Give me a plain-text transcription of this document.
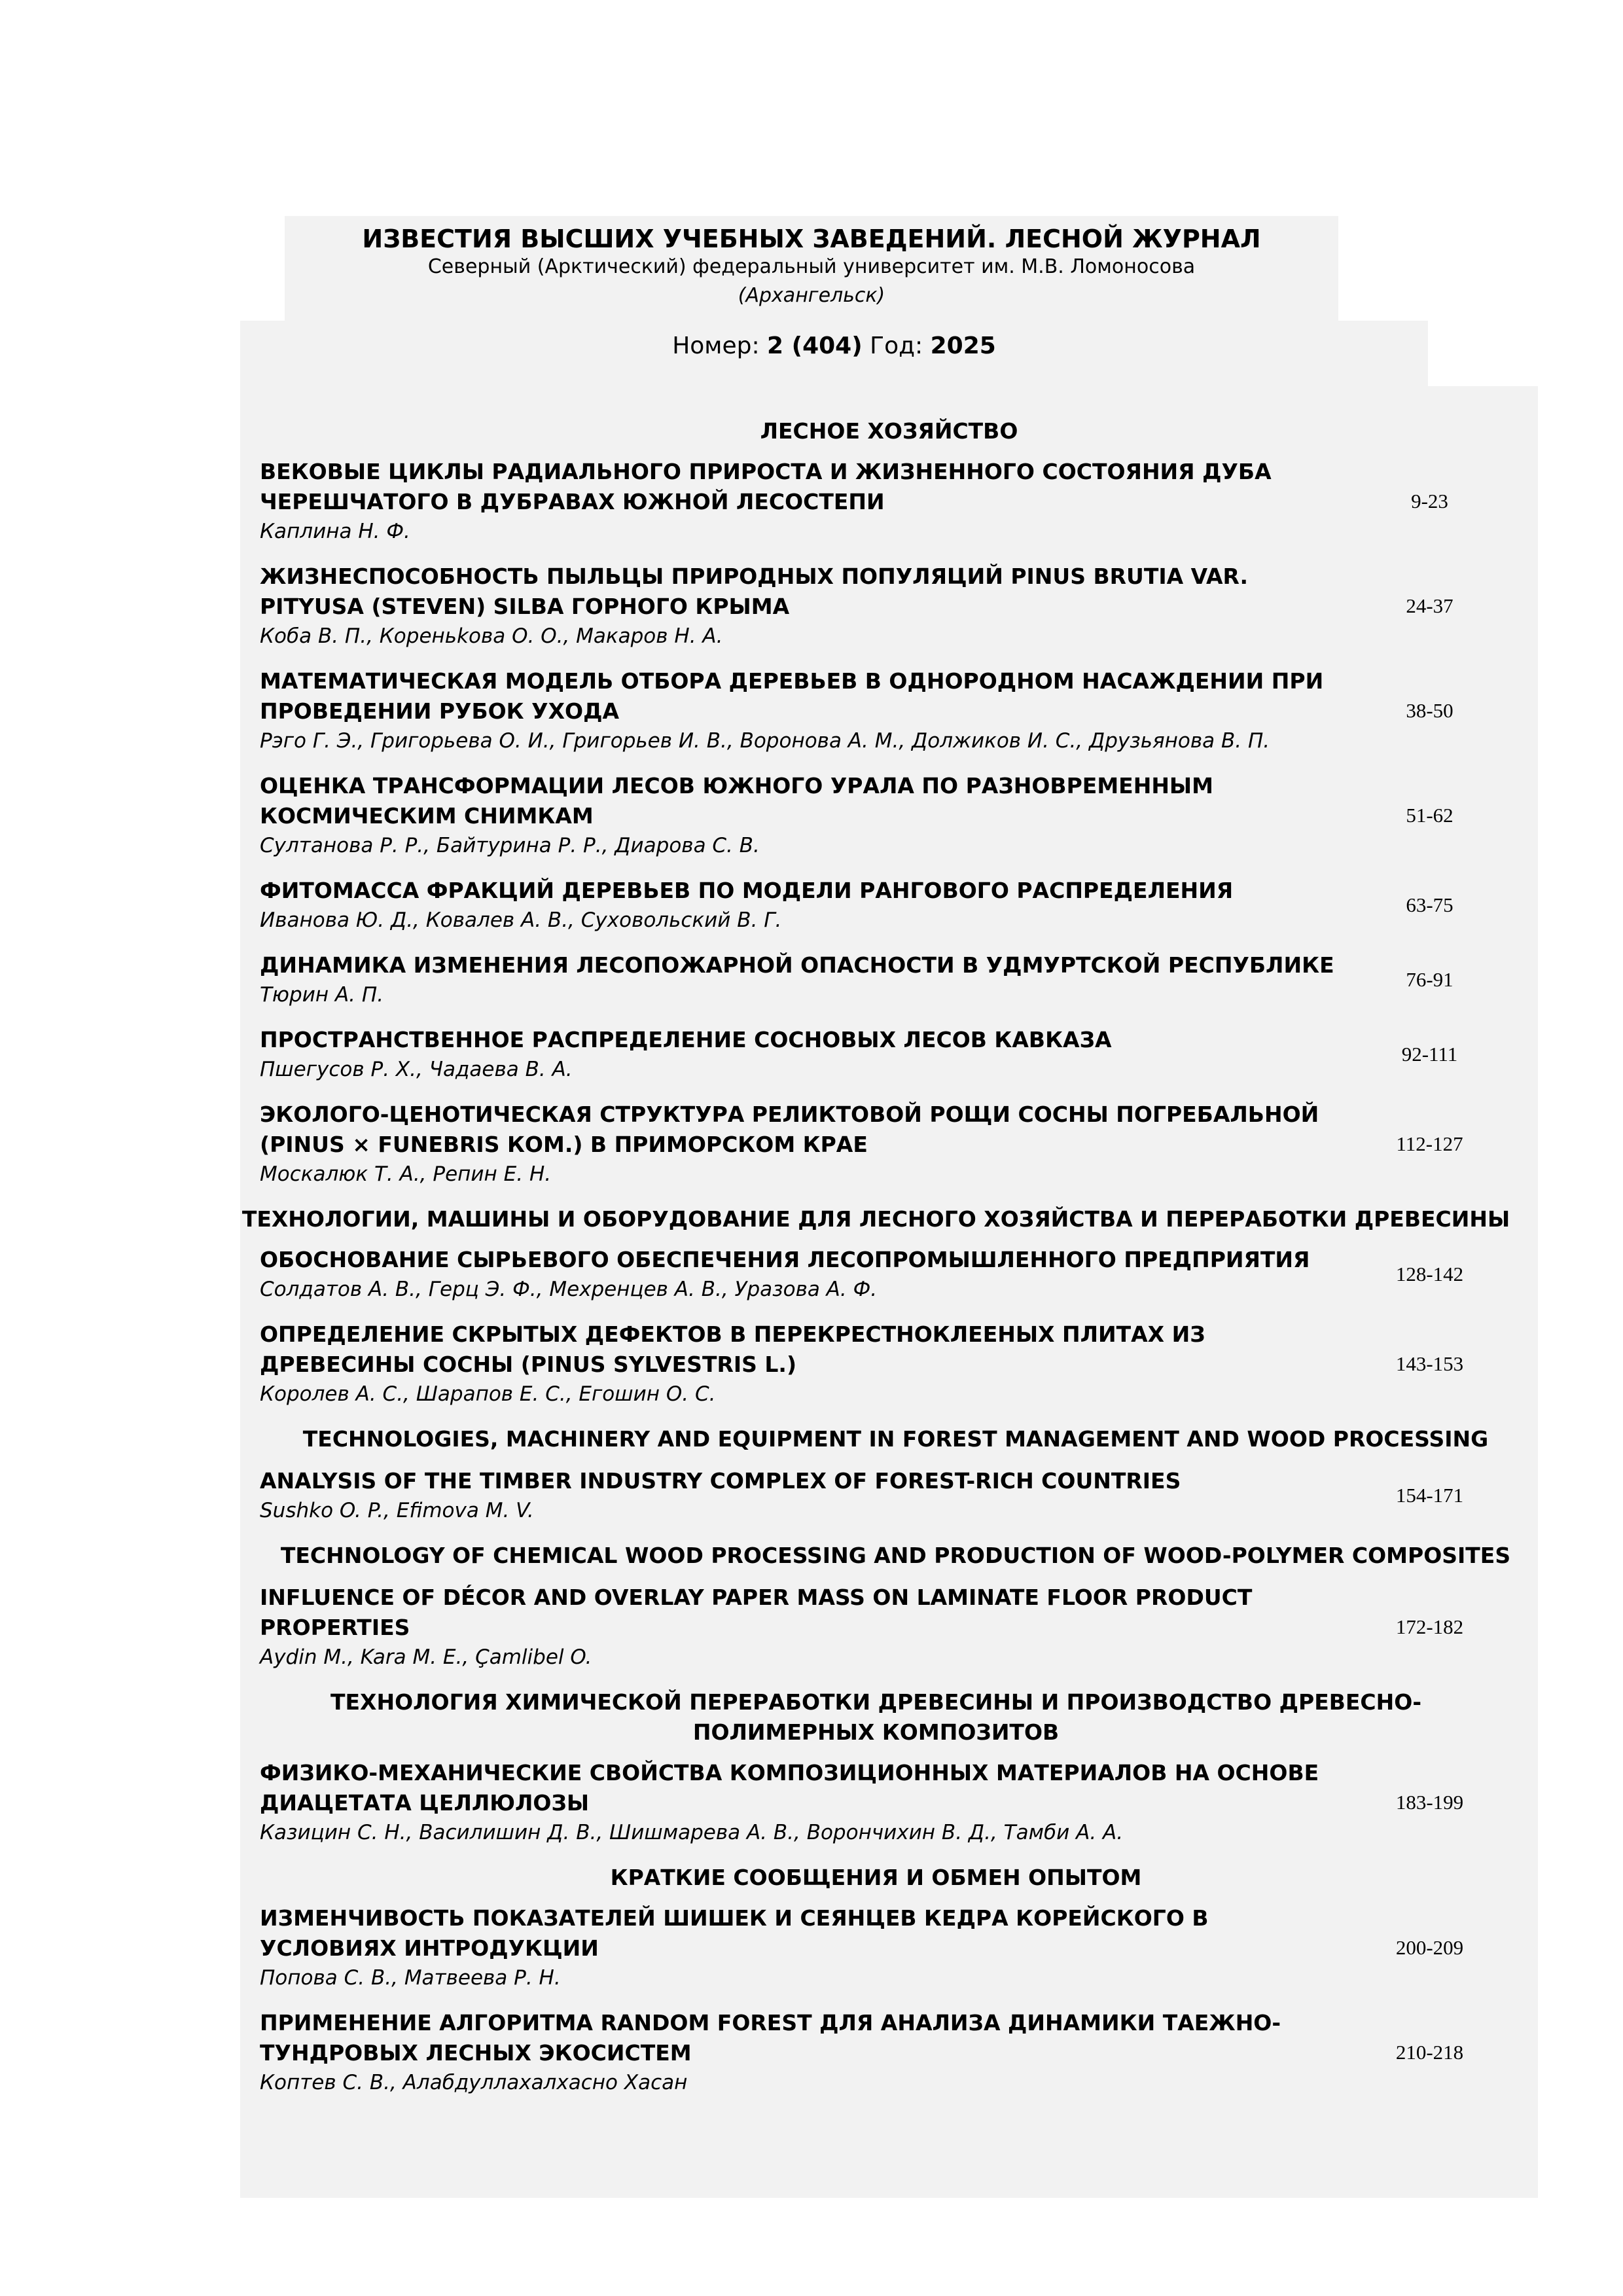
ИЗВЕСТИЯ ВЫСШИХ УЧЕБНЫХ ЗАВЕДЕНИЙ. ЛЕСНОЙ ЖУРНАЛ
Северный (Арктический) федеральный университет им. М.В. Ломоносова
(Архангельск)
Номер: 2 (404) Год: 2025
ЛЕСНОЕ ХОЗЯЙСТВО
ВЕКОВЫЕ ЦИКЛЫ РАДИАЛЬНОГО ПРИРОСТА И ЖИЗНЕННОГО СОСТОЯНИЯ ДУБА ЧЕРЕШЧАТОГО В ДУБРАВАХ ЮЖНОЙ ЛЕСОСТЕПИ
Каплина Н. Ф.
9-23
ЖИЗНЕСПОСОБНОСТЬ ПЫЛЬЦЫ ПРИРОДНЫХ ПОПУЛЯЦИЙ PINUS BRUTIA VAR. PITYUSA (STEVEN) SILBA ГОРНОГО КРЫМА
Коба В. П., Кореньkова О. О., Макаров Н. А.
24-37
МАТЕМАТИЧЕСКАЯ МОДЕЛЬ ОТБОРА ДЕРЕВЬЕВ В ОДНОРОДНОМ НАСАЖДЕНИИ ПРИ ПРОВЕДЕНИИ РУБОК УХОДА
Рэго Г. Э., Григорьева О. И., Григорьев И. В., Воронова А. М., Должиков И. С., Друзьянова В. П.
38-50
ОЦЕНКА ТРАНСФОРМАЦИИ ЛЕСОВ ЮЖНОГО УРАЛА ПО РАЗНОВРЕМЕННЫМ КОСМИЧЕСКИМ СНИМКАМ
Султанова Р. Р., Байтурина Р. Р., Диарова С. В.
51-62
ФИТОМАССА ФРАКЦИЙ ДЕРЕВЬЕВ ПО МОДЕЛИ РАНГОВОГО РАСПРЕДЕЛЕНИЯ
Иванова Ю. Д., Ковалев А. В., Суховольский В. Г.
63-75
ДИНАМИКА ИЗМЕНЕНИЯ ЛЕСОПОЖАРНОЙ ОПАСНОСТИ В УДМУРТСКОЙ РЕСПУБЛИКЕ
Тюрин А. П.
76-91
ПРОСТРАНСТВЕННОЕ РАСПРЕДЕЛЕНИЕ СОСНОВЫХ ЛЕСОВ КАВКАЗА
Пшегусов Р. Х., Чадаева В. А.
92-111
ЭКОЛОГО-ЦЕНОТИЧЕСКАЯ СТРУКТУРА РЕЛИКТОВОЙ РОЩИ СОСНЫ ПОГРЕБАЛЬНОЙ (PINUS × FUNEBRIS КОМ.) В ПРИМОРСКОМ КРАЕ
Москалюк Т. А., Репин Е. Н.
112-127
ТЕХНОЛОГИИ, МАШИНЫ И ОБОРУДОВАНИЕ ДЛЯ ЛЕСНОГО ХОЗЯЙСТВА И ПЕРЕРАБОТКИ ДРЕВЕСИНЫ
ОБОСНОВАНИЕ СЫРЬЕВОГО ОБЕСПЕЧЕНИЯ ЛЕСОПРОМЫШЛЕННОГО ПРЕДПРИЯТИЯ
Солдатов А. В., Герц Э. Ф., Мехренцев А. В., Уразова А. Ф.
128-142
ОПРЕДЕЛЕНИЕ СКРЫТЫХ ДЕФЕКТОВ В ПЕРЕКРЕСТНОКЛЕЕНЫХ ПЛИТАХ ИЗ ДРЕВЕСИНЫ СОСНЫ (PINUS SYLVESTRIS L.)
Королев А. С., Шарапов Е. С., Егошин О. С.
143-153
TECHNOLOGIES, MACHINERY AND EQUIPMENT IN FOREST MANAGEMENT AND WOOD PROCESSING
ANALYSIS OF THE TIMBER INDUSTRY COMPLEX OF FOREST-RICH COUNTRIES
Sushko O. P., Efimova M. V.
154-171
TECHNOLOGY OF CHEMICAL WOOD PROCESSING AND PRODUCTION OF WOOD-POLYMER COMPOSITES
INFLUENCE OF DÉCOR AND OVERLAY PAPER MASS ON LAMINATE FLOOR PRODUCT PROPERTIES
Aydin M., Kara M. E., Çamlibel O.
172-182
ТЕХНОЛОГИЯ ХИМИЧЕСКОЙ ПЕРЕРАБОТКИ ДРЕВЕСИНЫ И ПРОИЗВОДСТВО ДРЕВЕСНО-ПОЛИМЕРНЫХ КОМПОЗИТОВ
ФИЗИКО-МЕХАНИЧЕСКИЕ СВОЙСТВА КОМПОЗИЦИОННЫХ МАТЕРИАЛОВ НА ОСНОВЕ ДИАЦЕТАТА ЦЕЛЛЮЛОЗЫ
Казицин С. Н., Василишин Д. В., Шишмарева А. В., Ворончихин В. Д., Тамби А. А.
183-199
КРАТКИЕ СООБЩЕНИЯ И ОБМЕН ОПЫТОМ
ИЗМЕНЧИВОСТЬ ПОКАЗАТЕЛЕЙ ШИШЕК И СЕЯНЦЕВ КЕДРА КОРЕЙСКОГО В УСЛОВИЯХ ИНТРОДУКЦИИ
Попова С. В., Матвеева Р. Н.
200-209
ПРИМЕНЕНИЕ АЛГОРИТМА RANDOM FOREST ДЛЯ АНАЛИЗА ДИНАМИКИ ТАЕЖНО-ТУНДРОВЫХ ЛЕСНЫХ ЭКОСИСТЕМ
Коптев С. В., Алабдуллахалхасно Хасан
210-218
